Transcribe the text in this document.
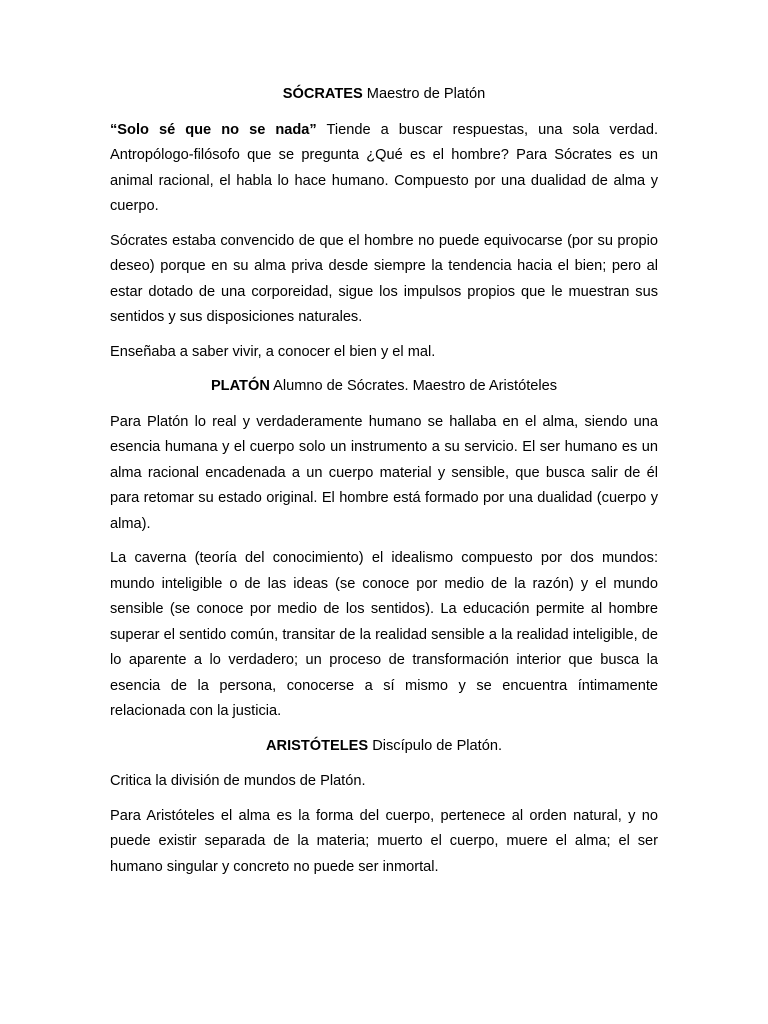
SÓCRATES Maestro de Platón

“Solo sé que no se nada” Tiende a buscar respuestas, una sola verdad. Antropólogo-filósofo que se pregunta ¿Qué es el hombre? Para Sócrates es un animal racional, el habla lo hace humano. Compuesto por una dualidad de alma y cuerpo.

Sócrates estaba convencido de que el hombre no puede equivocarse (por su propio deseo) porque en su alma priva desde siempre la tendencia hacia el bien; pero al estar dotado de una corporeidad, sigue los impulsos propios que le muestran sus sentidos y sus disposiciones naturales.

Enseñaba a saber vivir, a conocer el bien y el mal.

PLATÓN Alumno de Sócrates. Maestro de Aristóteles

Para Platón lo real y verdaderamente humano se hallaba en el alma, siendo una esencia humana y el cuerpo solo un instrumento a su servicio. El ser humano es un alma racional encadenada a un cuerpo material y sensible, que busca salir de él para retomar su estado original. El hombre está formado por una dualidad (cuerpo y alma).

La caverna (teoría del conocimiento) el idealismo compuesto por dos mundos: mundo inteligible o de las ideas (se conoce por medio de la razón) y el mundo sensible (se conoce por medio de los sentidos). La educación permite al hombre superar el sentido común, transitar de la realidad sensible a la realidad inteligible, de lo aparente a lo verdadero; un proceso de transformación interior que busca la esencia de la persona, conocerse a sí mismo y se encuentra íntimamente relacionada con la justicia.

ARISTÓTELES Discípulo de Platón.

Critica la división de mundos de Platón.

Para Aristóteles el alma es la forma del cuerpo, pertenece al orden natural, y no puede existir separada de la materia; muerto el cuerpo, muere el alma; el ser humano singular y concreto no puede ser inmortal.
